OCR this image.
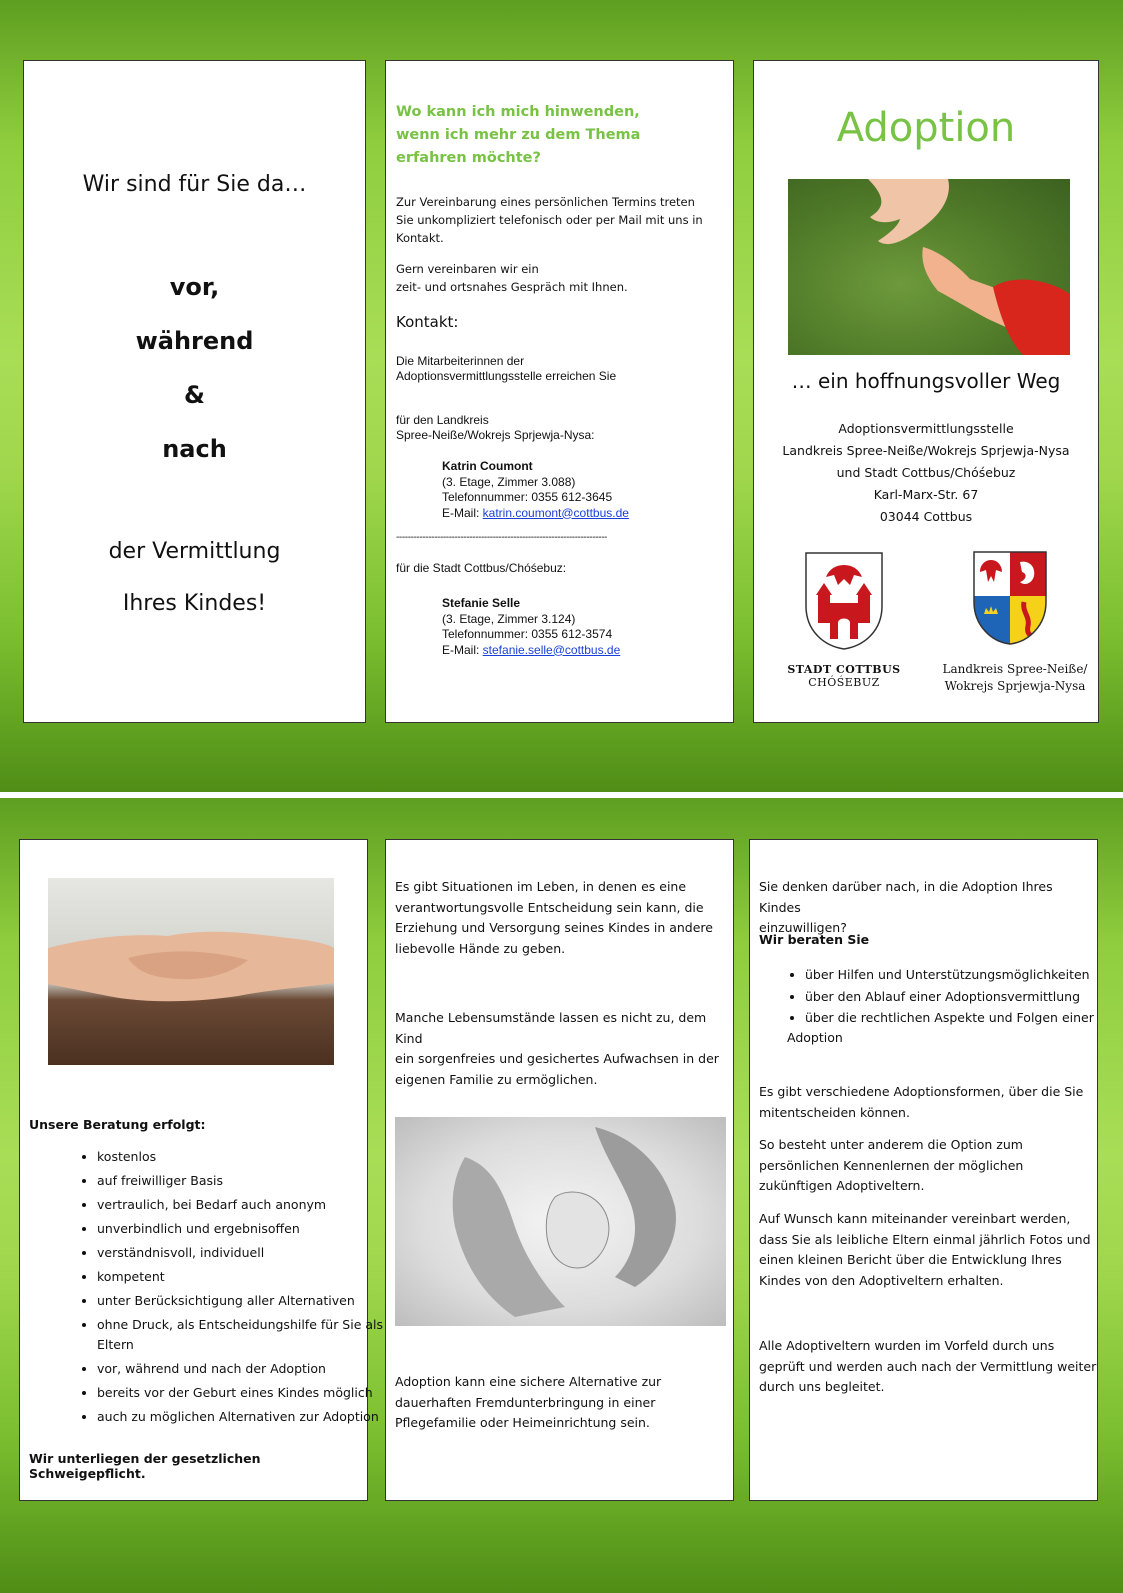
Wir sind für Sie da…
vor,
während
&
nach
der Vermittlung
Ihres Kindes!
Wo kann ich mich hinwenden,
wenn ich mehr zu dem Thema
erfahren möchte?
Zur Vereinbarung eines persönlichen Termins treten
Sie unkompliziert telefonisch oder per Mail mit uns in
Kontakt.
Gern vereinbaren wir ein
zeit- und ortsnahes Gespräch mit Ihnen.
Kontakt:
Die Mitarbeiterinnen der
Adoptionsvermittlungsstelle erreichen Sie
für den Landkreis
Spree-Neiße/Wokrejs Sprjewja-Nysa:
Katrin Coumont
(3. Etage, Zimmer 3.088)
Telefonnummer: 0355 612-3645
E-Mail: katrin.coumont@cottbus.de
------------------------------------------------------------------------
für die Stadt Cottbus/Chóśebuz:
Stefanie Selle
(3. Etage, Zimmer 3.124)
Telefonnummer: 0355 612-3574
E-Mail: stefanie.selle@cottbus.de
Adoption
… ein hoffnungsvoller Weg
Adoptionsvermittlungsstelle
Landkreis Spree-Neiße/Wokrejs Sprjewja-Nysa
und Stadt Cottbus/Chóśebuz
Karl-Marx-Str. 67
03044 Cottbus
STADT COTTBUS
CHÓŚEBUZ
Landkreis Spree-Neiße/
Wokrejs Sprjewja-Nysa
Unsere Beratung erfolgt:
• kostenlos
• auf freiwilliger Basis
• vertraulich, bei Bedarf auch anonym
• unverbindlich und ergebnisoffen
• verständnisvoll, individuell
• kompetent
• unter Berücksichtigung aller Alternativen
• ohne Druck, als Entscheidungshilfe für Sie als Eltern
• vor, während und nach der Adoption
• bereits vor der Geburt eines Kindes möglich
• auch zu möglichen Alternativen zur Adoption
Wir unterliegen der gesetzlichen Schweigepflicht.
Es gibt Situationen im Leben, in denen es eine
verantwortungsvolle Entscheidung sein kann, die
Erziehung und Versorgung seines Kindes in andere
liebevolle Hände zu geben.
Manche Lebensumstände lassen es nicht zu, dem Kind
ein sorgenfreies und gesichertes Aufwachsen in der
eigenen Familie zu ermöglichen.
Adoption kann eine sichere Alternative zur
dauerhaften Fremdunterbringung in einer
Pflegefamilie oder Heimeinrichtung sein.
Sie denken darüber nach, in die Adoption Ihres Kindes
einzuwilligen?
Wir beraten Sie
• über Hilfen und Unterstützungsmöglichkeiten
• über den Ablauf einer Adoptionsvermittlung
• über die rechtlichen Aspekte und Folgen einer
Adoption
Es gibt verschiedene Adoptionsformen, über die Sie
mitentscheiden können.
So besteht unter anderem die Option zum
persönlichen Kennenlernen der möglichen
zukünftigen Adoptiveltern.
Auf Wunsch kann miteinander vereinbart werden,
dass Sie als leibliche Eltern einmal jährlich Fotos und
einen kleinen Bericht über die Entwicklung Ihres
Kindes von den Adoptiveltern erhalten.
Alle Adoptiveltern wurden im Vorfeld durch uns
geprüft und werden auch nach der Vermittlung weiter
durch uns begleitet.
